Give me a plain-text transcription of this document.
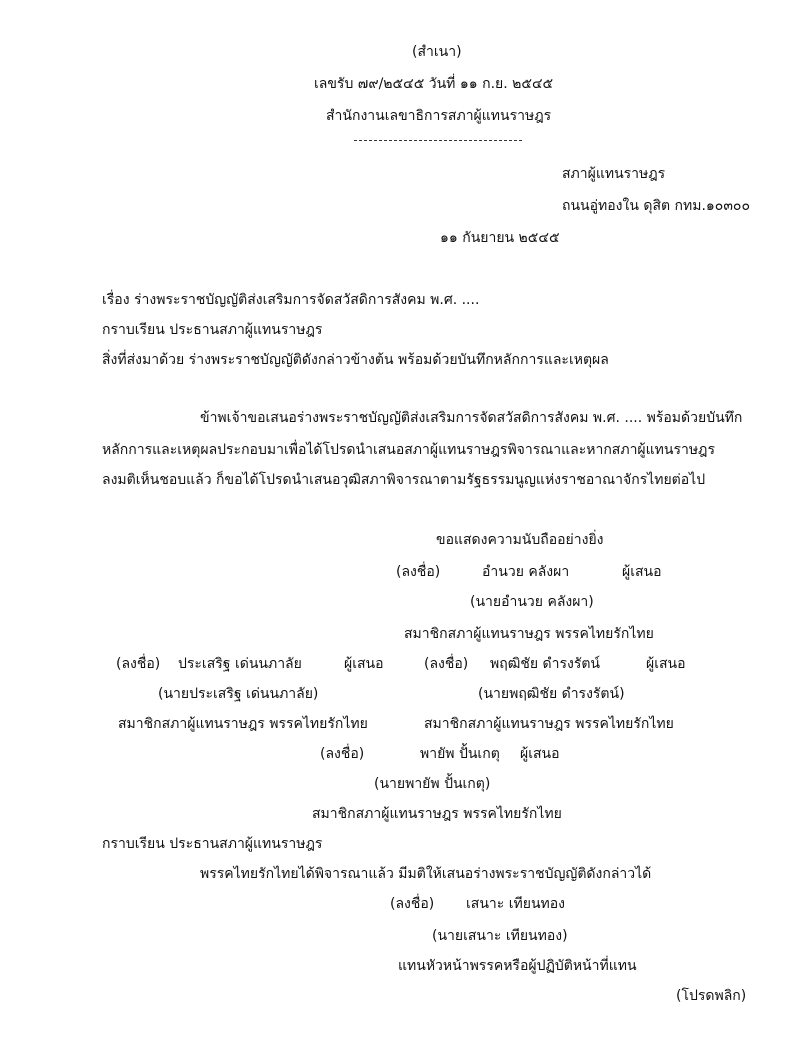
(สำเนา)
เลขรับ ๗๙/๒๕๔๕ วันที่ ๑๑ ก.ย. ๒๕๔๕
สำนักงานเลขาธิการสภาผู้แทนราษฎร
สภาผู้แทนราษฎร
ถนนอู่ทองใน ดุสิต กทม.๑๐๓๐๐
๑๑ กันยายน ๒๕๔๕
เรื่อง ร่างพระราชบัญญัติส่งเสริมการจัดสวัสดิการสังคม พ.ศ. ....
กราบเรียน ประธานสภาผู้แทนราษฎร
สิ่งที่ส่งมาด้วย ร่างพระราชบัญญัติดังกล่าวข้างต้น พร้อมด้วยบันทึกหลักการและเหตุผล
ข้าพเจ้าขอเสนอร่างพระราชบัญญัติส่งเสริมการจัดสวัสดิการสังคม พ.ศ. .... พร้อมด้วยบันทึก
หลักการและเหตุผลประกอบมาเพื่อได้โปรดนำเสนอสภาผู้แทนราษฎรพิจารณาและหากสภาผู้แทนราษฎร
ลงมติเห็นชอบแล้ว ก็ขอได้โปรดนำเสนอวุฒิสภาพิจารณาตามรัฐธรรมนูญแห่งราชอาณาจักรไทยต่อไป
ขอแสดงความนับถืออย่างยิ่ง
(ลงชื่อ)	อำนวย คลังผา	ผู้เสนอ
(นายอำนวย คลังผา)
สมาชิกสภาผู้แทนราษฎร พรรคไทยรักไทย
(ลงชื่อ) ประเสริฐ เด่นนภาลัย	ผู้เสนอ	(ลงชื่อ) พฤฒิชัย ดำรงรัตน์	ผู้เสนอ
(นายประเสริฐ เด่นนภาลัย)	(นายพฤฒิชัย ดำรงรัตน์)
สมาชิกสภาผู้แทนราษฎร พรรคไทยรักไทย	สมาชิกสภาผู้แทนราษฎร พรรคไทยรักไทย
(ลงชื่อ)	พายัพ ปั้นเกตุ ผู้เสนอ
(นายพายัพ ปั้นเกตุ)
สมาชิกสภาผู้แทนราษฎร พรรคไทยรักไทย
กราบเรียน ประธานสภาผู้แทนราษฎร
พรรคไทยรักไทยได้พิจารณาแล้ว มีมติให้เสนอร่างพระราชบัญญัติดังกล่าวได้
(ลงชื่อ) เสนาะ เทียนทอง
(นายเสนาะ เทียนทอง)
แทนหัวหน้าพรรคหรือผู้ปฏิบัติหน้าที่แทน
(โปรดพลิก)
